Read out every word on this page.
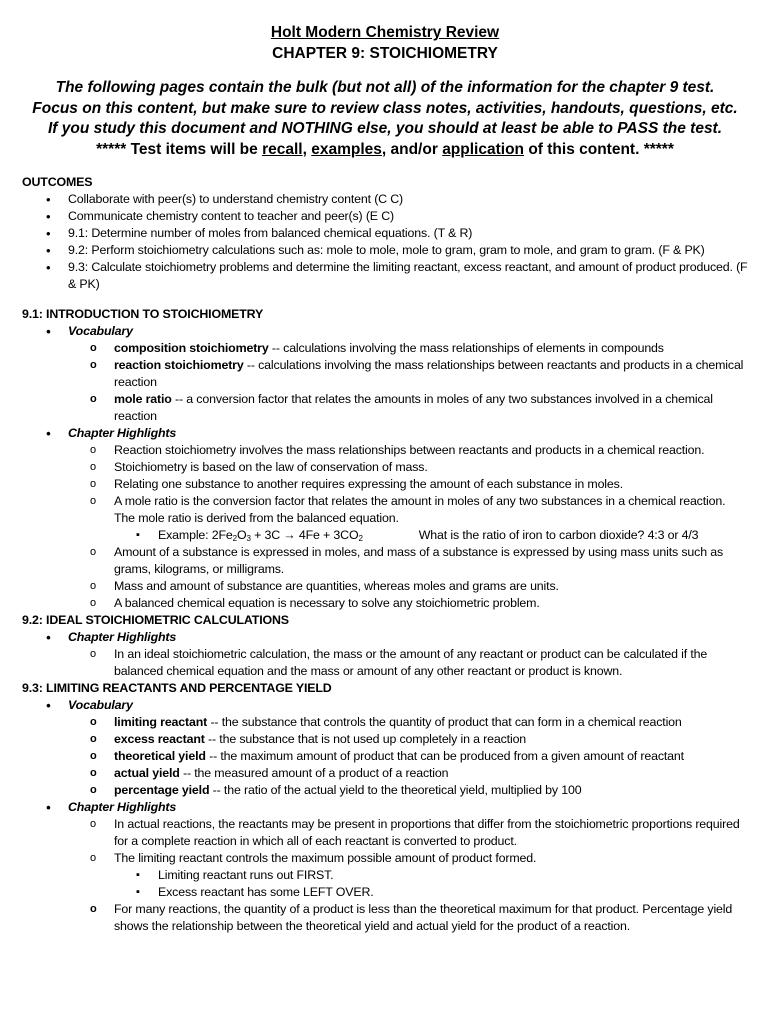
Holt Modern Chemistry Review
CHAPTER 9: STOICHIOMETRY
The following pages contain the bulk (but not all) of the information for the chapter 9 test.
Focus on this content, but make sure to review class notes, activities, handouts, questions, etc.
If you study this document and NOTHING else, you should at least be able to PASS the test.
***** Test items will be recall, examples, and/or application of this content. *****

OUTCOMES

• Collaborate with peer(s) to understand chemistry content (C C)
• Communicate chemistry content to teacher and peer(s) (E C)
• 9.1: Determine number of moles from balanced chemical equations. (T & R)
• 9.2: Perform stoichiometry calculations such as: mole to mole, mole to gram, gram to mole, and gram to gram. (F & PK)
• 9.3: Calculate stoichiometry problems and determine the limiting reactant, excess reactant, and amount of product produced. (F & PK)

9.1: INTRODUCTION TO STOICHIOMETRY

• Vocabulary
o composition stoichiometry -- calculations involving the mass relationships of elements in compounds
o reaction stoichiometry -- calculations involving the mass relationships between reactants and products in a chemical reaction
o mole ratio -- a conversion factor that relates the amounts in moles of any two substances involved in a chemical reaction
• Chapter Highlights
o Reaction stoichiometry involves the mass relationships between reactants and products in a chemical reaction.
o Stoichiometry is based on the law of conservation of mass.
o Relating one substance to another requires expressing the amount of each substance in moles.
o A mole ratio is the conversion factor that relates the amount in moles of any two substances in a chemical reaction. The mole ratio is derived from the balanced equation.
▪ Example: $2Fe_2O_3 + 3C \to 4Fe + 3CO_2$	What is the ratio of iron to carbon dioxide? 4:3 or 4/3
o Amount of a substance is expressed in moles, and mass of a substance is expressed by using mass units such as grams, kilograms, or milligrams.
o Mass and amount of substance are quantities, whereas moles and grams are units.
o A balanced chemical equation is necessary to solve any stoichiometric problem.

9.2: IDEAL STOICHIOMETRIC CALCULATIONS

• Chapter Highlights
o In an ideal stoichiometric calculation, the mass or the amount of any reactant or product can be calculated if the balanced chemical equation and the mass or amount of any other reactant or product is known.

9.3: LIMITING REACTANTS AND PERCENTAGE YIELD

• Vocabulary
o limiting reactant -- the substance that controls the quantity of product that can form in a chemical reaction
o excess reactant -- the substance that is not used up completely in a reaction
o theoretical yield -- the maximum amount of product that can be produced from a given amount of reactant
o actual yield -- the measured amount of a product of a reaction
o percentage yield -- the ratio of the actual yield to the theoretical yield, multiplied by 100
• Chapter Highlights
o In actual reactions, the reactants may be present in proportions that differ from the stoichiometric proportions required for a complete reaction in which all of each reactant is converted to product.
o The limiting reactant controls the maximum possible amount of product formed.
▪ Limiting reactant runs out FIRST.
▪ Excess reactant has some LEFT OVER.
o For many reactions, the quantity of a product is less than the theoretical maximum for that product. Percentage yield shows the relationship between the theoretical yield and actual yield for the product of a reaction.
